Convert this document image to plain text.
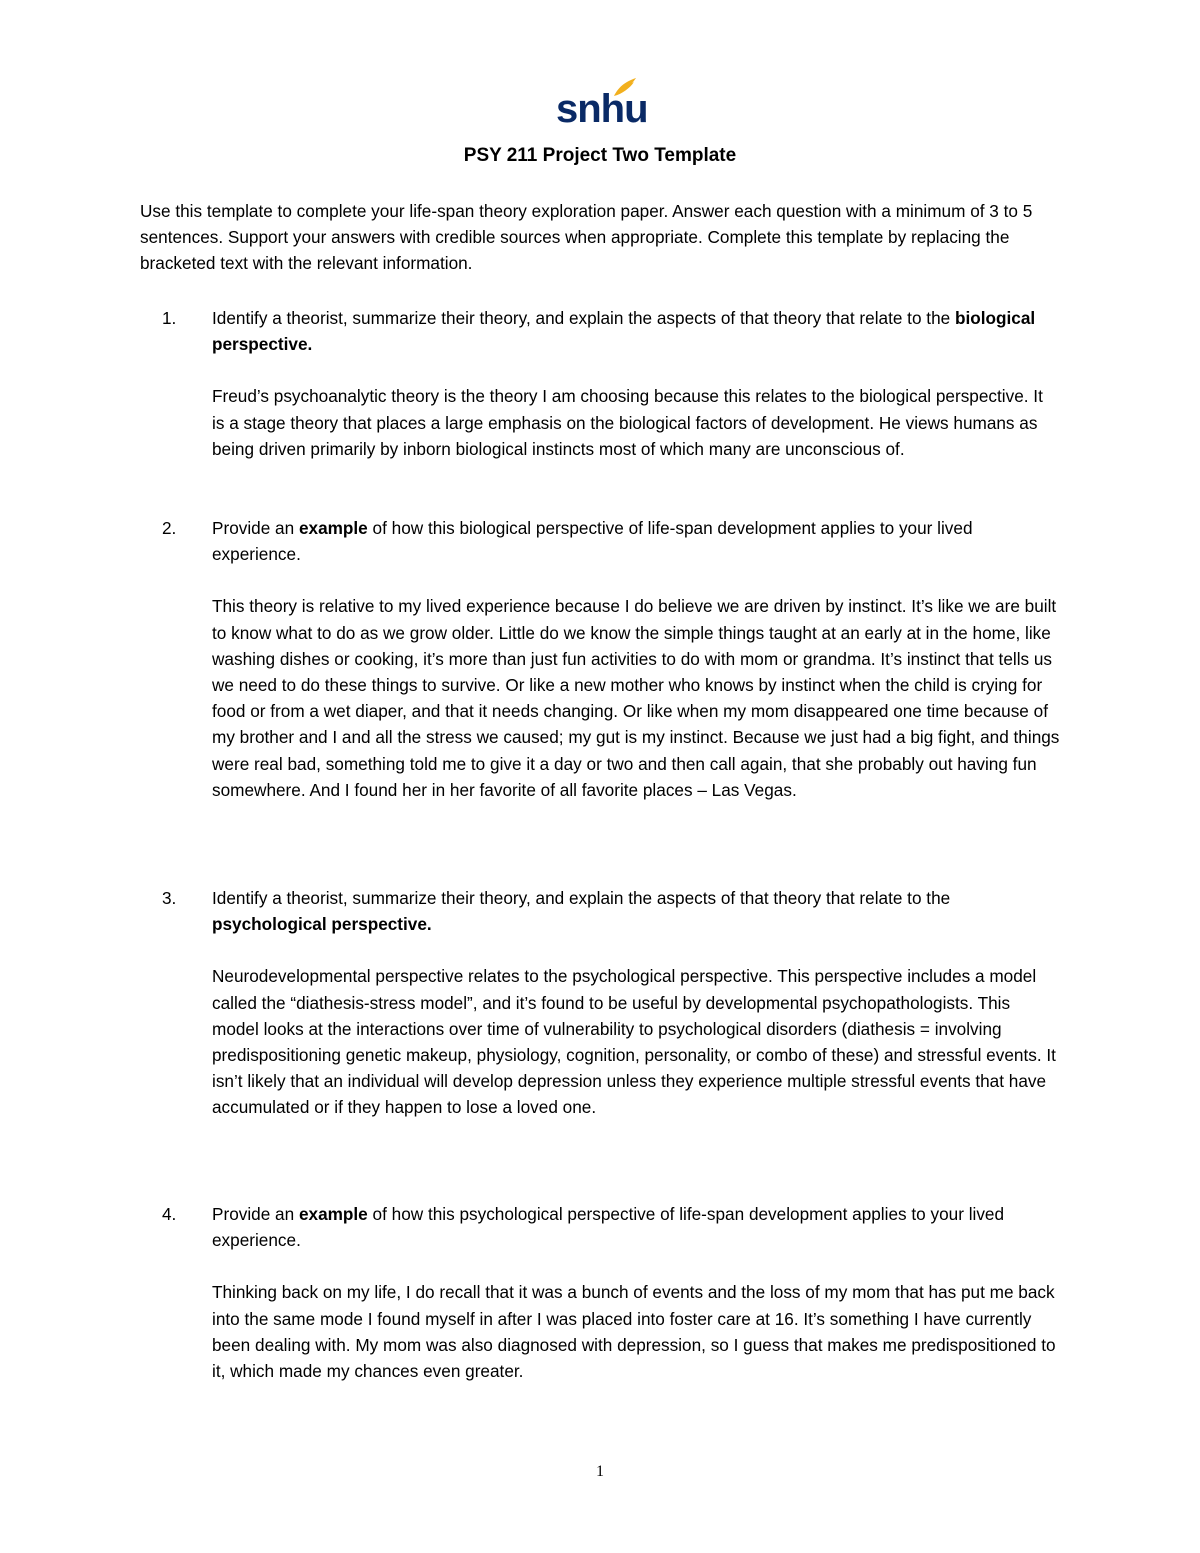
snhu
PSY 211 Project Two Template

Use this template to complete your life-span theory exploration paper. Answer each question with a minimum of 3 to 5 sentences. Support your answers with credible sources when appropriate. Complete this template by replacing the bracketed text with the relevant information.

1. Identify a theorist, summarize their theory, and explain the aspects of that theory that relate to the biological perspective.

Freud’s psychoanalytic theory is the theory I am choosing because this relates to the biological perspective. It is a stage theory that places a large emphasis on the biological factors of development. He views humans as being driven primarily by inborn biological instincts most of which many are unconscious of.

2. Provide an example of how this biological perspective of life-span development applies to your lived experience.

This theory is relative to my lived experience because I do believe we are driven by instinct. It’s like we are built to know what to do as we grow older. Little do we know the simple things taught at an early at in the home, like washing dishes or cooking, it’s more than just fun activities to do with mom or grandma. It’s instinct that tells us we need to do these things to survive. Or like a new mother who knows by instinct when the child is crying for food or from a wet diaper, and that it needs changing. Or like when my mom disappeared one time because of my brother and I and all the stress we caused; my gut is my instinct. Because we just had a big fight, and things were real bad, something told me to give it a day or two and then call again, that she probably out having fun somewhere. And I found her in her favorite of all favorite places – Las Vegas.

3. Identify a theorist, summarize their theory, and explain the aspects of that theory that relate to the psychological perspective.

Neurodevelopmental perspective relates to the psychological perspective. This perspective includes a model called the “diathesis-stress model”, and it’s found to be useful by developmental psychopathologists. This model looks at the interactions over time of vulnerability to psychological disorders (diathesis = involving predispositioning genetic makeup, physiology, cognition, personality, or combo of these) and stressful events. It isn’t likely that an individual will develop depression unless they experience multiple stressful events that have accumulated or if they happen to lose a loved one.

4. Provide an example of how this psychological perspective of life-span development applies to your lived experience.

Thinking back on my life, I do recall that it was a bunch of events and the loss of my mom that has put me back into the same mode I found myself in after I was placed into foster care at 16. It’s something I have currently been dealing with. My mom was also diagnosed with depression, so I guess that makes me predispositioned to it, which made my chances even greater.

1
